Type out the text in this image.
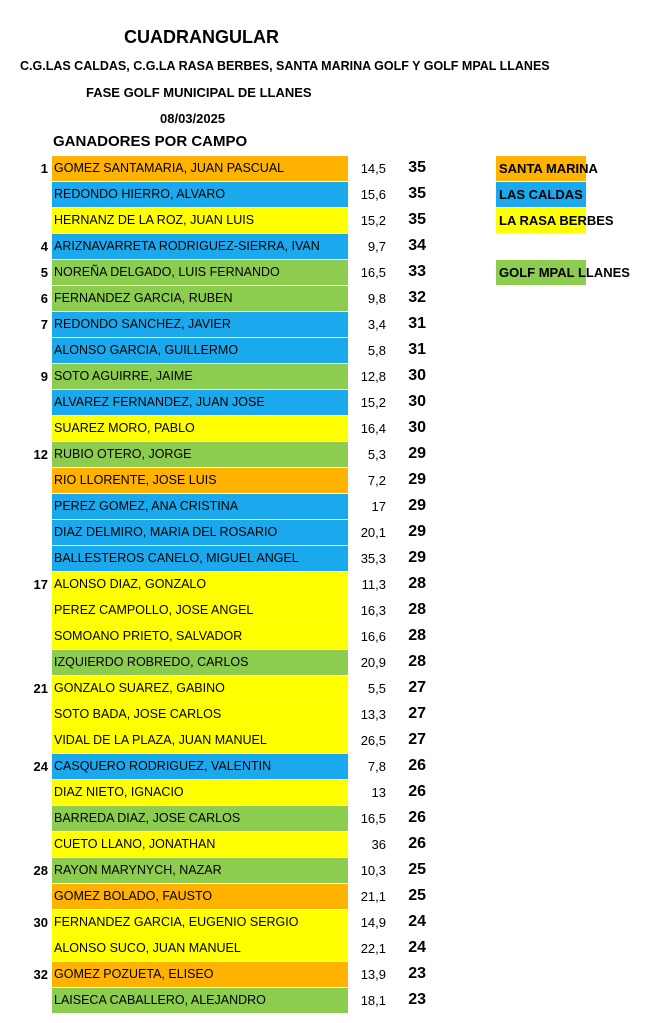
CUADRANGULAR
C.G.LAS CALDAS, C.G.LA RASA BERBES, SANTA MARINA GOLF Y GOLF MPAL LLANES
FASE GOLF MUNICIPAL DE LLANES
08/03/2025
GANADORES POR CAMPO
1 GOMEZ SANTAMARIA, JUAN PASCUAL	14,5	35
REDONDO HIERRO, ALVARO	15,6	35
HERNANZ DE LA ROZ, JUAN LUIS	15,2	35
4 ARIZNAVARRETA RODRIGUEZ-SIERRA, IVAN	9,7	34
5 NOREÑA DELGADO, LUIS FERNANDO	16,5	33
6 FERNANDEZ GARCIA, RUBEN	9,8	32
7 REDONDO SANCHEZ, JAVIER	3,4	31
ALONSO GARCIA, GUILLERMO	5,8	31
9 SOTO AGUIRRE, JAIME	12,8	30
ALVAREZ FERNANDEZ, JUAN JOSE	15,2	30
SUAREZ MORO, PABLO	16,4	30
12 RUBIO OTERO, JORGE	5,3	29
RIO LLORENTE, JOSE LUIS	7,2	29
PEREZ GOMEZ, ANA CRISTINA	17	29
DIAZ DELMIRO, MARIA DEL ROSARIO	20,1	29
BALLESTEROS CANELO, MIGUEL ANGEL	35,3	29
17 ALONSO DIAZ, GONZALO	11,3	28
PEREZ CAMPOLLO, JOSE ANGEL	16,3	28
SOMOANO PRIETO, SALVADOR	16,6	28
IZQUIERDO ROBREDO, CARLOS	20,9	28
21 GONZALO SUAREZ, GABINO	5,5	27
SOTO BADA, JOSE CARLOS	13,3	27
VIDAL DE LA PLAZA, JUAN MANUEL	26,5	27
24 CASQUERO RODRIGUEZ, VALENTIN	7,8	26
DIAZ NIETO, IGNACIO	13	26
BARREDA DIAZ, JOSE CARLOS	16,5	26
CUETO LLANO, JONATHAN	36	26
28 RAYON MARYNYCH, NAZAR	10,3	25
GOMEZ BOLADO, FAUSTO	21,1	25
30 FERNANDEZ GARCIA, EUGENIO SERGIO	14,9	24
ALONSO SUCO, JUAN MANUEL	22,1	24
32 GOMEZ POZUETA, ELISEO	13,9	23
LAISECA CABALLERO, ALEJANDRO	18,1	23
SANTA MARINA
LAS CALDAS
LA RASA BERBES
GOLF MPAL LLANES
